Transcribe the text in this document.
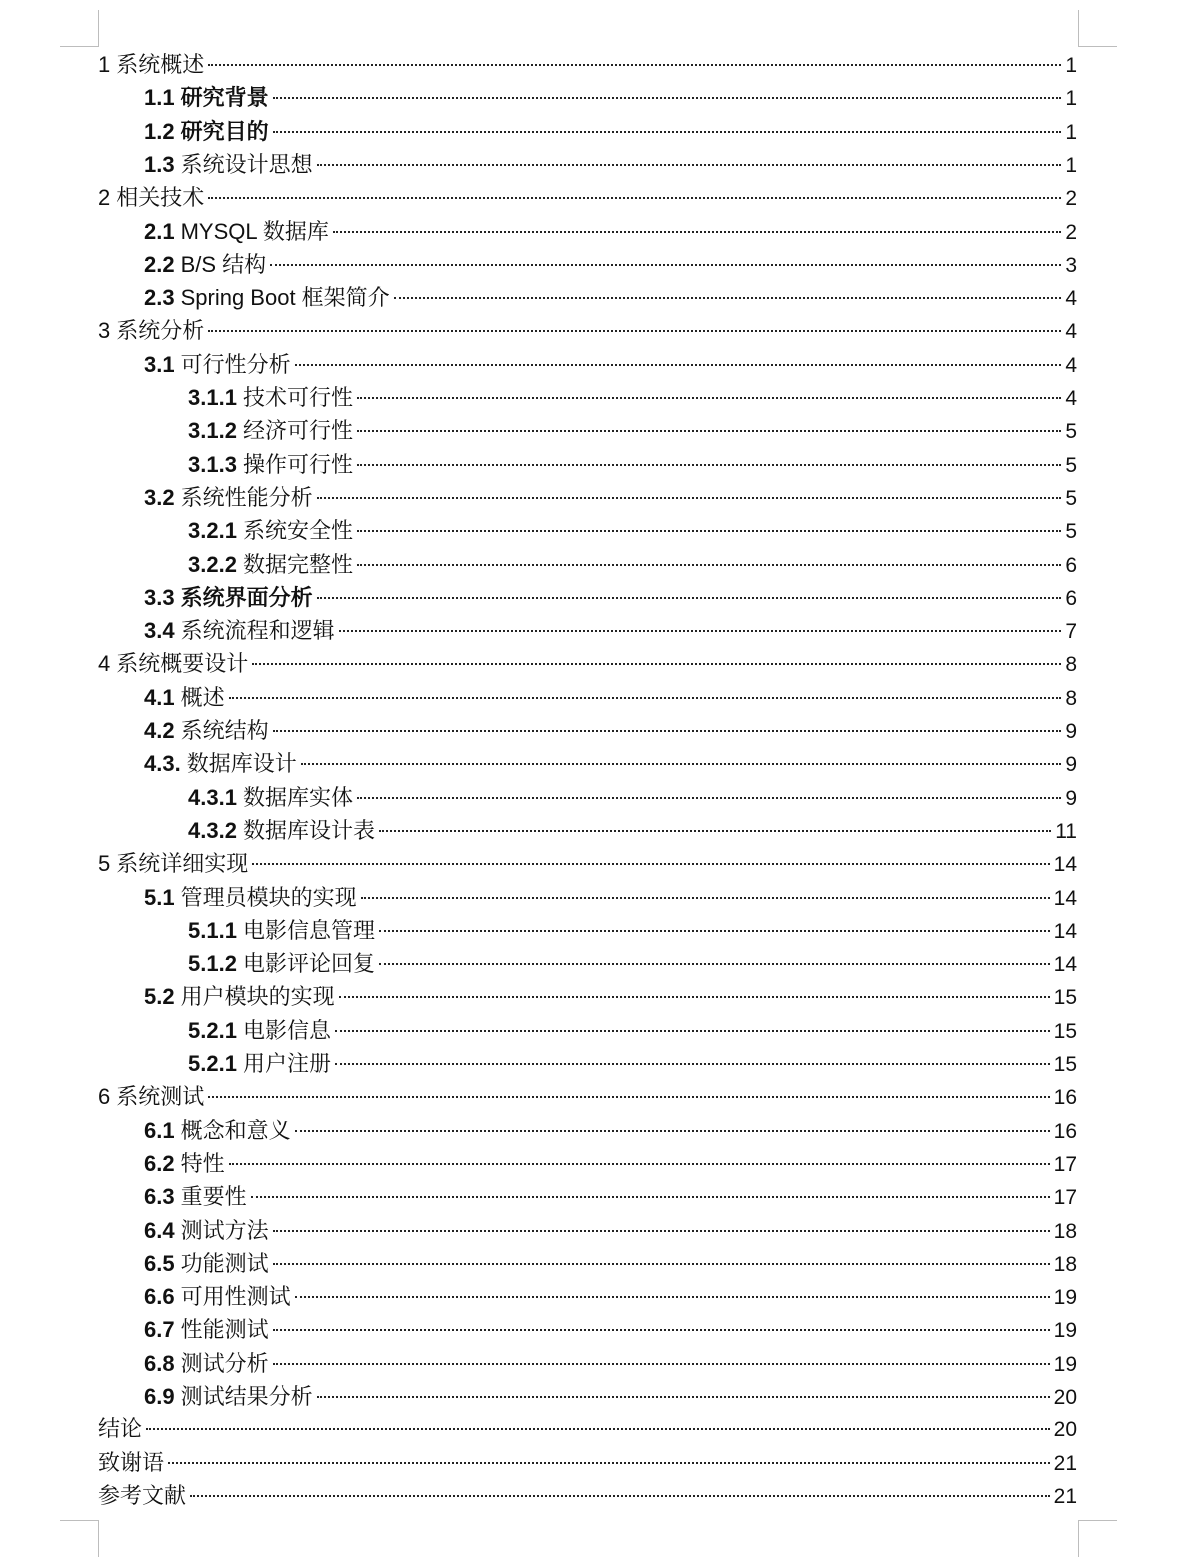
1 系统概述	1
1.1 研究背景	1
1.2 研究目的	1
1.3 系统设计思想	1
2 相关技术	2
2.1 MYSQL 数据库	2
2.2 B/S 结构	3
2.3 Spring Boot 框架简介	4
3 系统分析	4
3.1 可行性分析	4
3.1.1 技术可行性	4
3.1.2 经济可行性	5
3.1.3 操作可行性	5
3.2 系统性能分析	5
3.2.1 系统安全性	5
3.2.2 数据完整性	6
3.3 系统界面分析	6
3.4 系统流程和逻辑	7
4 系统概要设计	8
4.1 概述	8
4.2 系统结构	9
4.3. 数据库设计	9
4.3.1 数据库实体	9
4.3.2 数据库设计表	11
5 系统详细实现	14
5.1 管理员模块的实现	14
5.1.1 电影信息管理	14
5.1.2 电影评论回复	14
5.2 用户模块的实现	15
5.2.1 电影信息	15
5.2.1 用户注册	15
6 系统测试	16
6.1 概念和意义	16
6.2 特性	17
6.3 重要性	17
6.4 测试方法	18
6.5 功能测试	18
6.6 可用性测试	19
6.7 性能测试	19
6.8 测试分析	19
6.9 测试结果分析	20
结论	20
致谢语	21
参考文献	21
